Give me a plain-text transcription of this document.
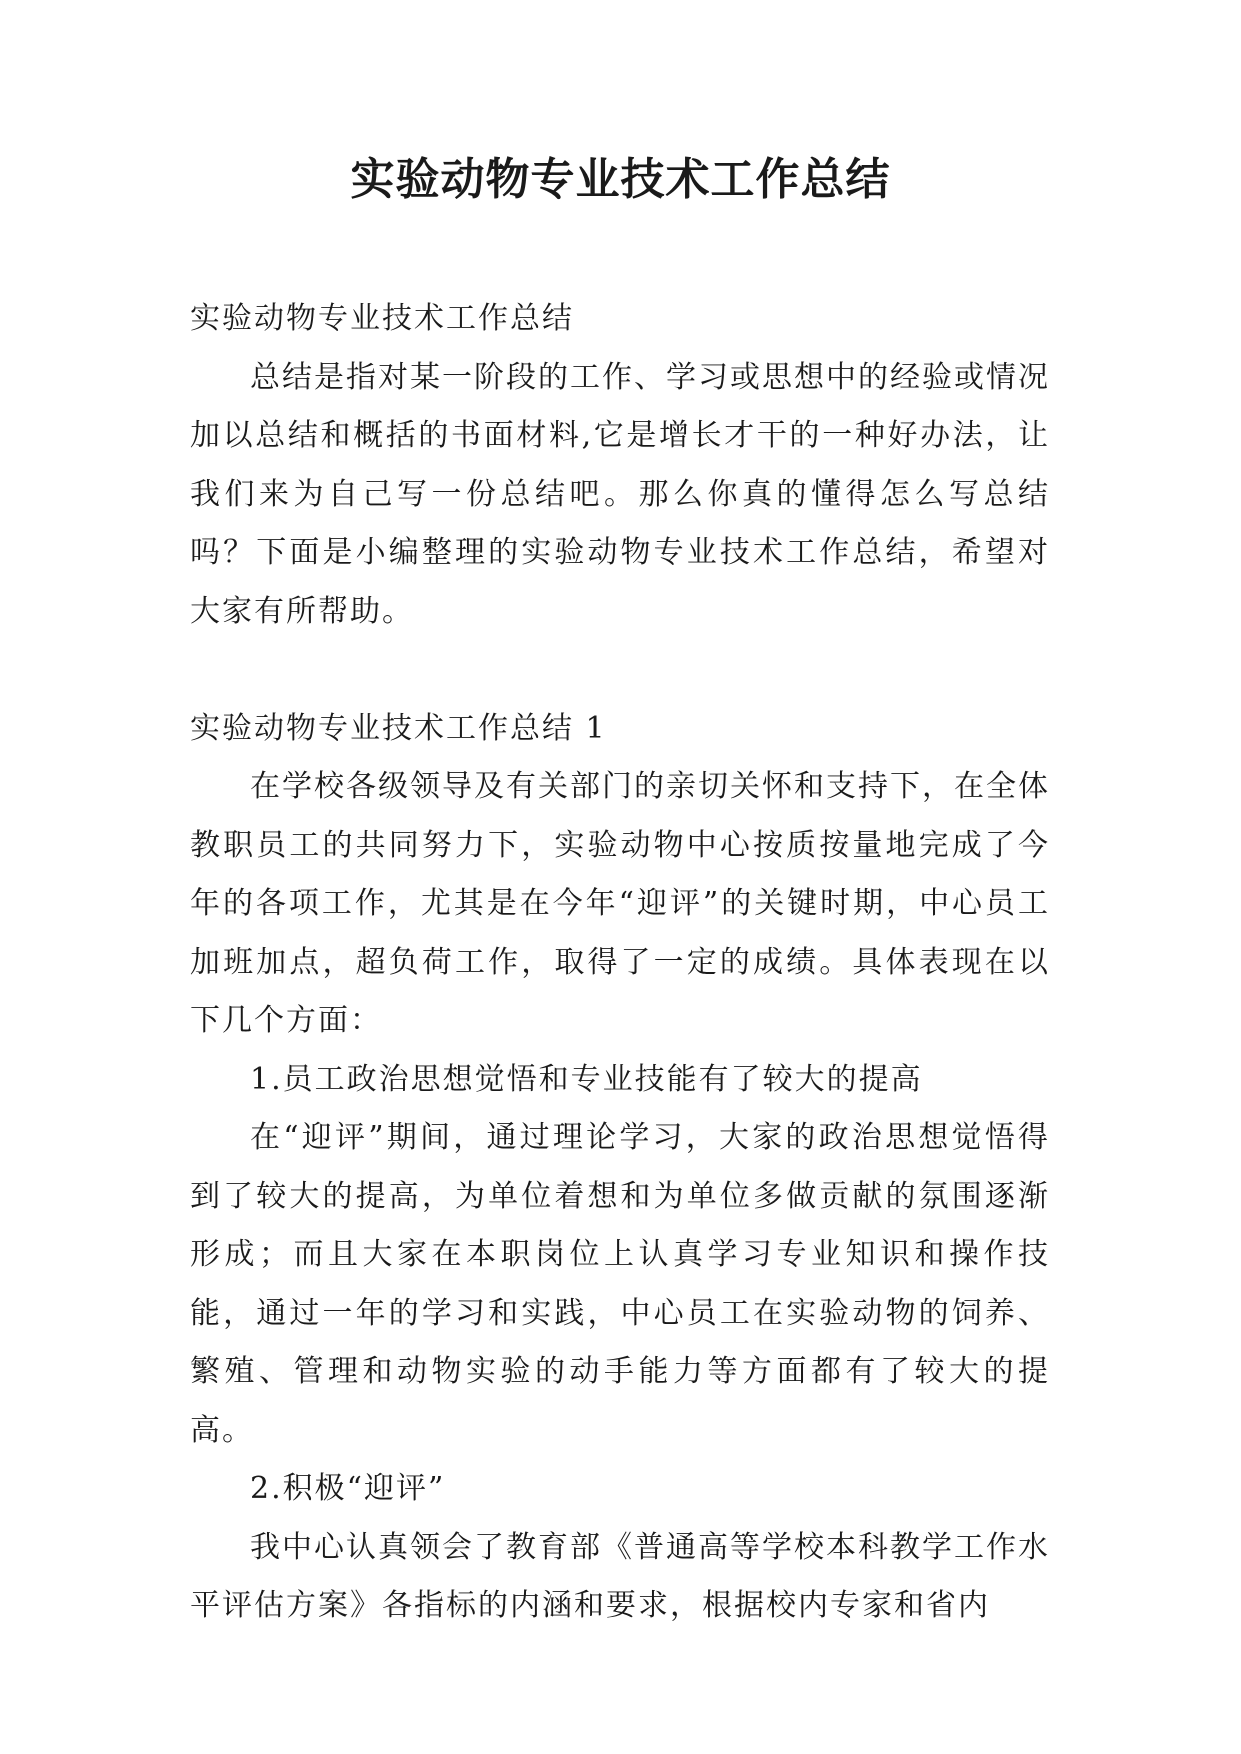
实验动物专业技术工作总结

实验动物专业技术工作总结

总结是指对某一阶段的工作、学习或思想中的经验或情况加以总结和概括的书面材料,它是增长才干的一种好办法，让我们来为自己写一份总结吧。那么你真的懂得怎么写总结吗？下面是小编整理的实验动物专业技术工作总结，希望对大家有所帮助。

实验动物专业技术工作总结 1

在学校各级领导及有关部门的亲切关怀和支持下，在全体教职员工的共同努力下，实验动物中心按质按量地完成了今年的各项工作，尤其是在今年“迎评”的关键时期，中心员工加班加点，超负荷工作，取得了一定的成绩。具体表现在以下几个方面：

1.员工政治思想觉悟和专业技能有了较大的提高

在“迎评”期间，通过理论学习，大家的政治思想觉悟得到了较大的提高，为单位着想和为单位多做贡献的氛围逐渐形成；而且大家在本职岗位上认真学习专业知识和操作技能，通过一年的学习和实践，中心员工在实验动物的饲养、繁殖、管理和动物实验的动手能力等方面都有了较大的提高。

2.积极“迎评”

我中心认真领会了教育部《普通高等学校本科教学工作水平评估方案》各指标的内涵和要求，根据校内专家和省内
